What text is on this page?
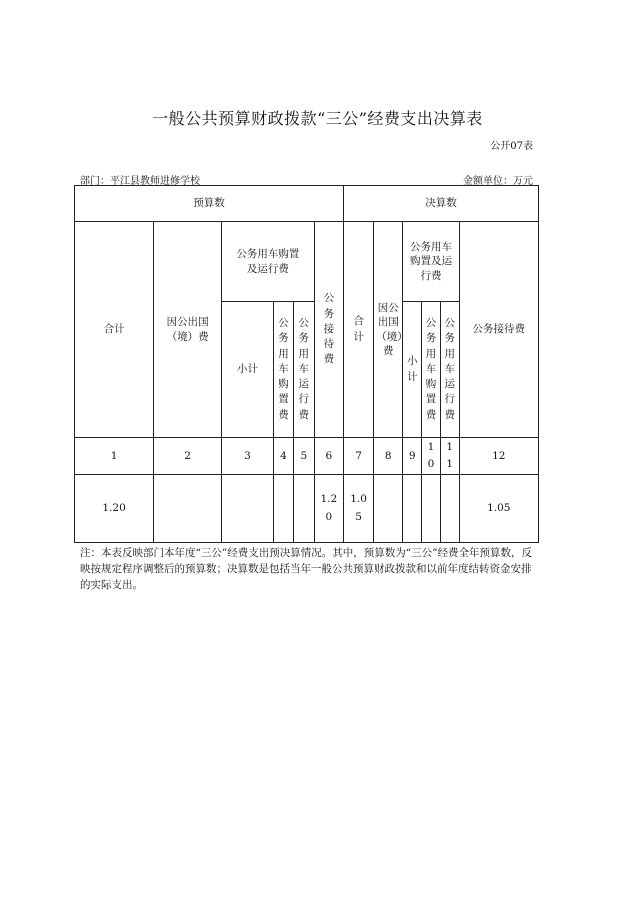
一般公共预算财政拨款“三公”经费支出决算表
公开07表
部门：平江县教师进修学校	金额单位：万元
预算数						决算数					
合计	因公出国（境）费	公务用车购置及运行费			公务接待费	合计	因公出国（境）费	公务用车购置及运行费			公务接待费
		小计	公务用车购置费	公务用车运行费				小计	公务用车购置费	公务用车运行费	
1	2	3	4	5	6	7	8	9	10	11	12
1.20					1.20	1.05					1.05
注：本表反映部门本年度“三公”经费支出预决算情况。其中，预算数为“三公”经费全年预算数，反映按规定程序调整后的预算数；决算数是包括当年一般公共预算财政拨款和以前年度结转资金安排的实际支出。
